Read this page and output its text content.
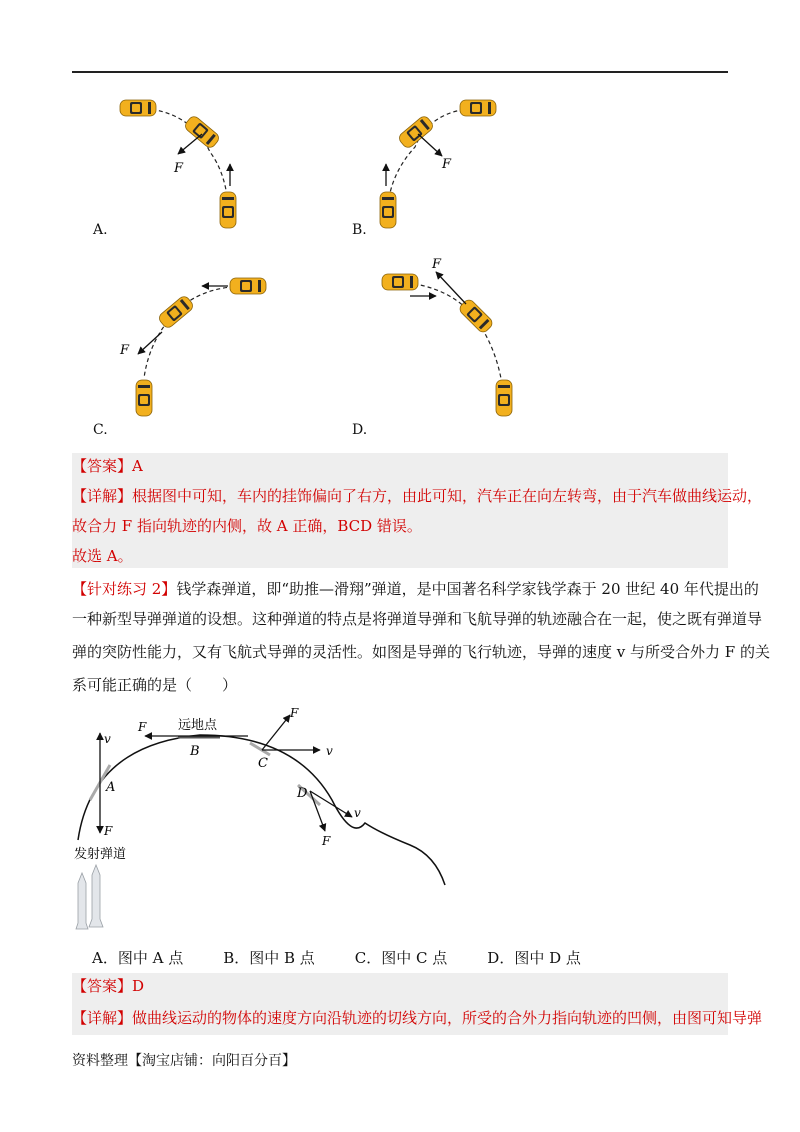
F
A.
F
B.
F
C.
F
D.
【答案】A
【详解】根据图中可知，车内的挂饰偏向了右方，由此可知，汽车正在向左转弯，由于汽车做曲线运动，
故合力 F 指向轨迹的内侧，故 A 正确，BCD 错误。
故选 A。
【针对练习 2】钱学森弹道，即“助推—滑翔”弹道，是中国著名科学家钱学森于 20 世纪 40 年代提出的
一种新型导弹弹道的设想。这种弹道的特点是将弹道导弹和飞航导弹的轨迹融合在一起，使之既有弹道导
弹的突防性能力，又有飞航式导弹的灵活性。如图是导弹的飞行轨迹，导弹的速度 v 与所受合外力 F 的关
系可能正确的是（　　）
v
F
A
F
B
远地点
F
v
C
v
F
D
发射弹道
A．图中 A 点	B．图中 B 点	C．图中 C 点	D．图中 D 点
【答案】D
【详解】做曲线运动的物体的速度方向沿轨迹的切线方向，所受的合外力指向轨迹的凹侧，由图可知导弹
资料整理【淘宝店铺：向阳百分百】
